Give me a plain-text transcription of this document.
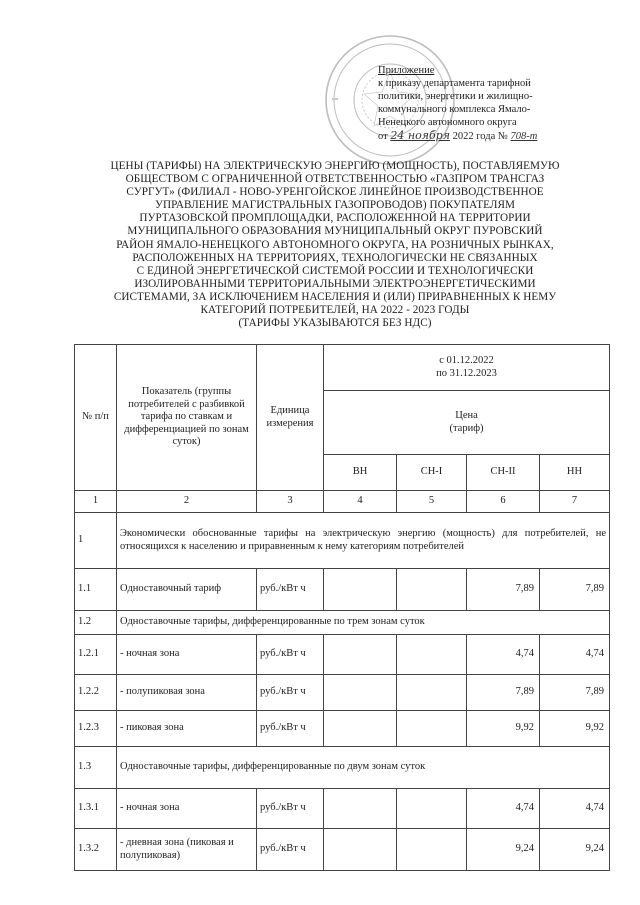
Приложение
к приказу департамента тарифной
политики, энергетики и жилищно-
коммунального комплекса Ямало-
Ненецкого автономного округа
от 24 ноября 2022 года № 708-т
ЦЕНЫ (ТАРИФЫ) НА ЭЛЕКТРИЧЕСКУЮ ЭНЕРГИЮ (МОЩНОСТЬ), ПОСТАВЛЯЕМУЮ
ОБЩЕСТВОМ С ОГРАНИЧЕННОЙ ОТВЕТСТВЕННОСТЬЮ «ГАЗПРОМ ТРАНСГАЗ
СУРГУТ» (ФИЛИАЛ - НОВО-УРЕНГОЙСКОЕ ЛИНЕЙНОЕ ПРОИЗВОДСТВЕННОЕ
УПРАВЛЕНИЕ МАГИСТРАЛЬНЫХ ГАЗОПРОВОДОВ) ПОКУПАТЕЛЯМ
ПУРТАЗОВСКОЙ ПРОМПЛОЩАДКИ, РАСПОЛОЖЕННОЙ НА ТЕРРИТОРИИ
МУНИЦИПАЛЬНОГО ОБРАЗОВАНИЯ МУНИЦИПАЛЬНЫЙ ОКРУГ ПУРОВСКИЙ
РАЙОН ЯМАЛО-НЕНЕЦКОГО АВТОНОМНОГО ОКРУГА, НА РОЗНИЧНЫХ РЫНКАХ,
РАСПОЛОЖЕННЫХ НА ТЕРРИТОРИЯХ, ТЕХНОЛОГИЧЕСКИ НЕ СВЯЗАННЫХ
С ЕДИНОЙ ЭНЕРГЕТИЧЕСКОЙ СИСТЕМОЙ РОССИИ И ТЕХНОЛОГИЧЕСКИ
ИЗОЛИРОВАННЫМИ ТЕРРИТОРИАЛЬНЫМИ ЭЛЕКТРОЭНЕРГЕТИЧЕСКИМИ
СИСТЕМАМИ, ЗА ИСКЛЮЧЕНИЕМ НАСЕЛЕНИЯ И (ИЛИ) ПРИРАВНЕННЫХ К НЕМУ
КАТЕГОРИЙ ПОТРЕБИТЕЛЕЙ, НА 2022 - 2023 ГОДЫ
(ТАРИФЫ УКАЗЫВАЮТСЯ БЕЗ НДС)
№ п/п	Показатель (группы потребителей с разбивкой тарифа по ставкам и дифференциацией по зонам суток)	Единица измерения	с 01.12.2022
по 31.12.2023			

			Цена
(тариф)			

			ВН	СН-I	СН-II	НН
1	2	3	4	5	6	7
1	Экономически обоснованные тарифы на электрическую энергию (мощность) для потребителей, не относящихся к населению и приравненным к нему категориям потребителей					
1.1	Одноставочный тариф	руб./кВт ч			7,89	7,89
1.2	Одноставочные тарифы, дифференцированные по трем зонам суток					
1.2.1	- ночная зона	руб./кВт ч			4,74	4,74
1.2.2	- полупиковая зона	руб./кВт ч			7,89	7,89
1.2.3	- пиковая зона	руб./кВт ч			9,92	9,92
1.3	Одноставочные тарифы, дифференцированные по двум зонам суток					
1.3.1	- ночная зона	руб./кВт ч			4,74	4,74
1.3.2	- дневная зона (пиковая и полупиковая)	руб./кВт ч			9,24	9,24
